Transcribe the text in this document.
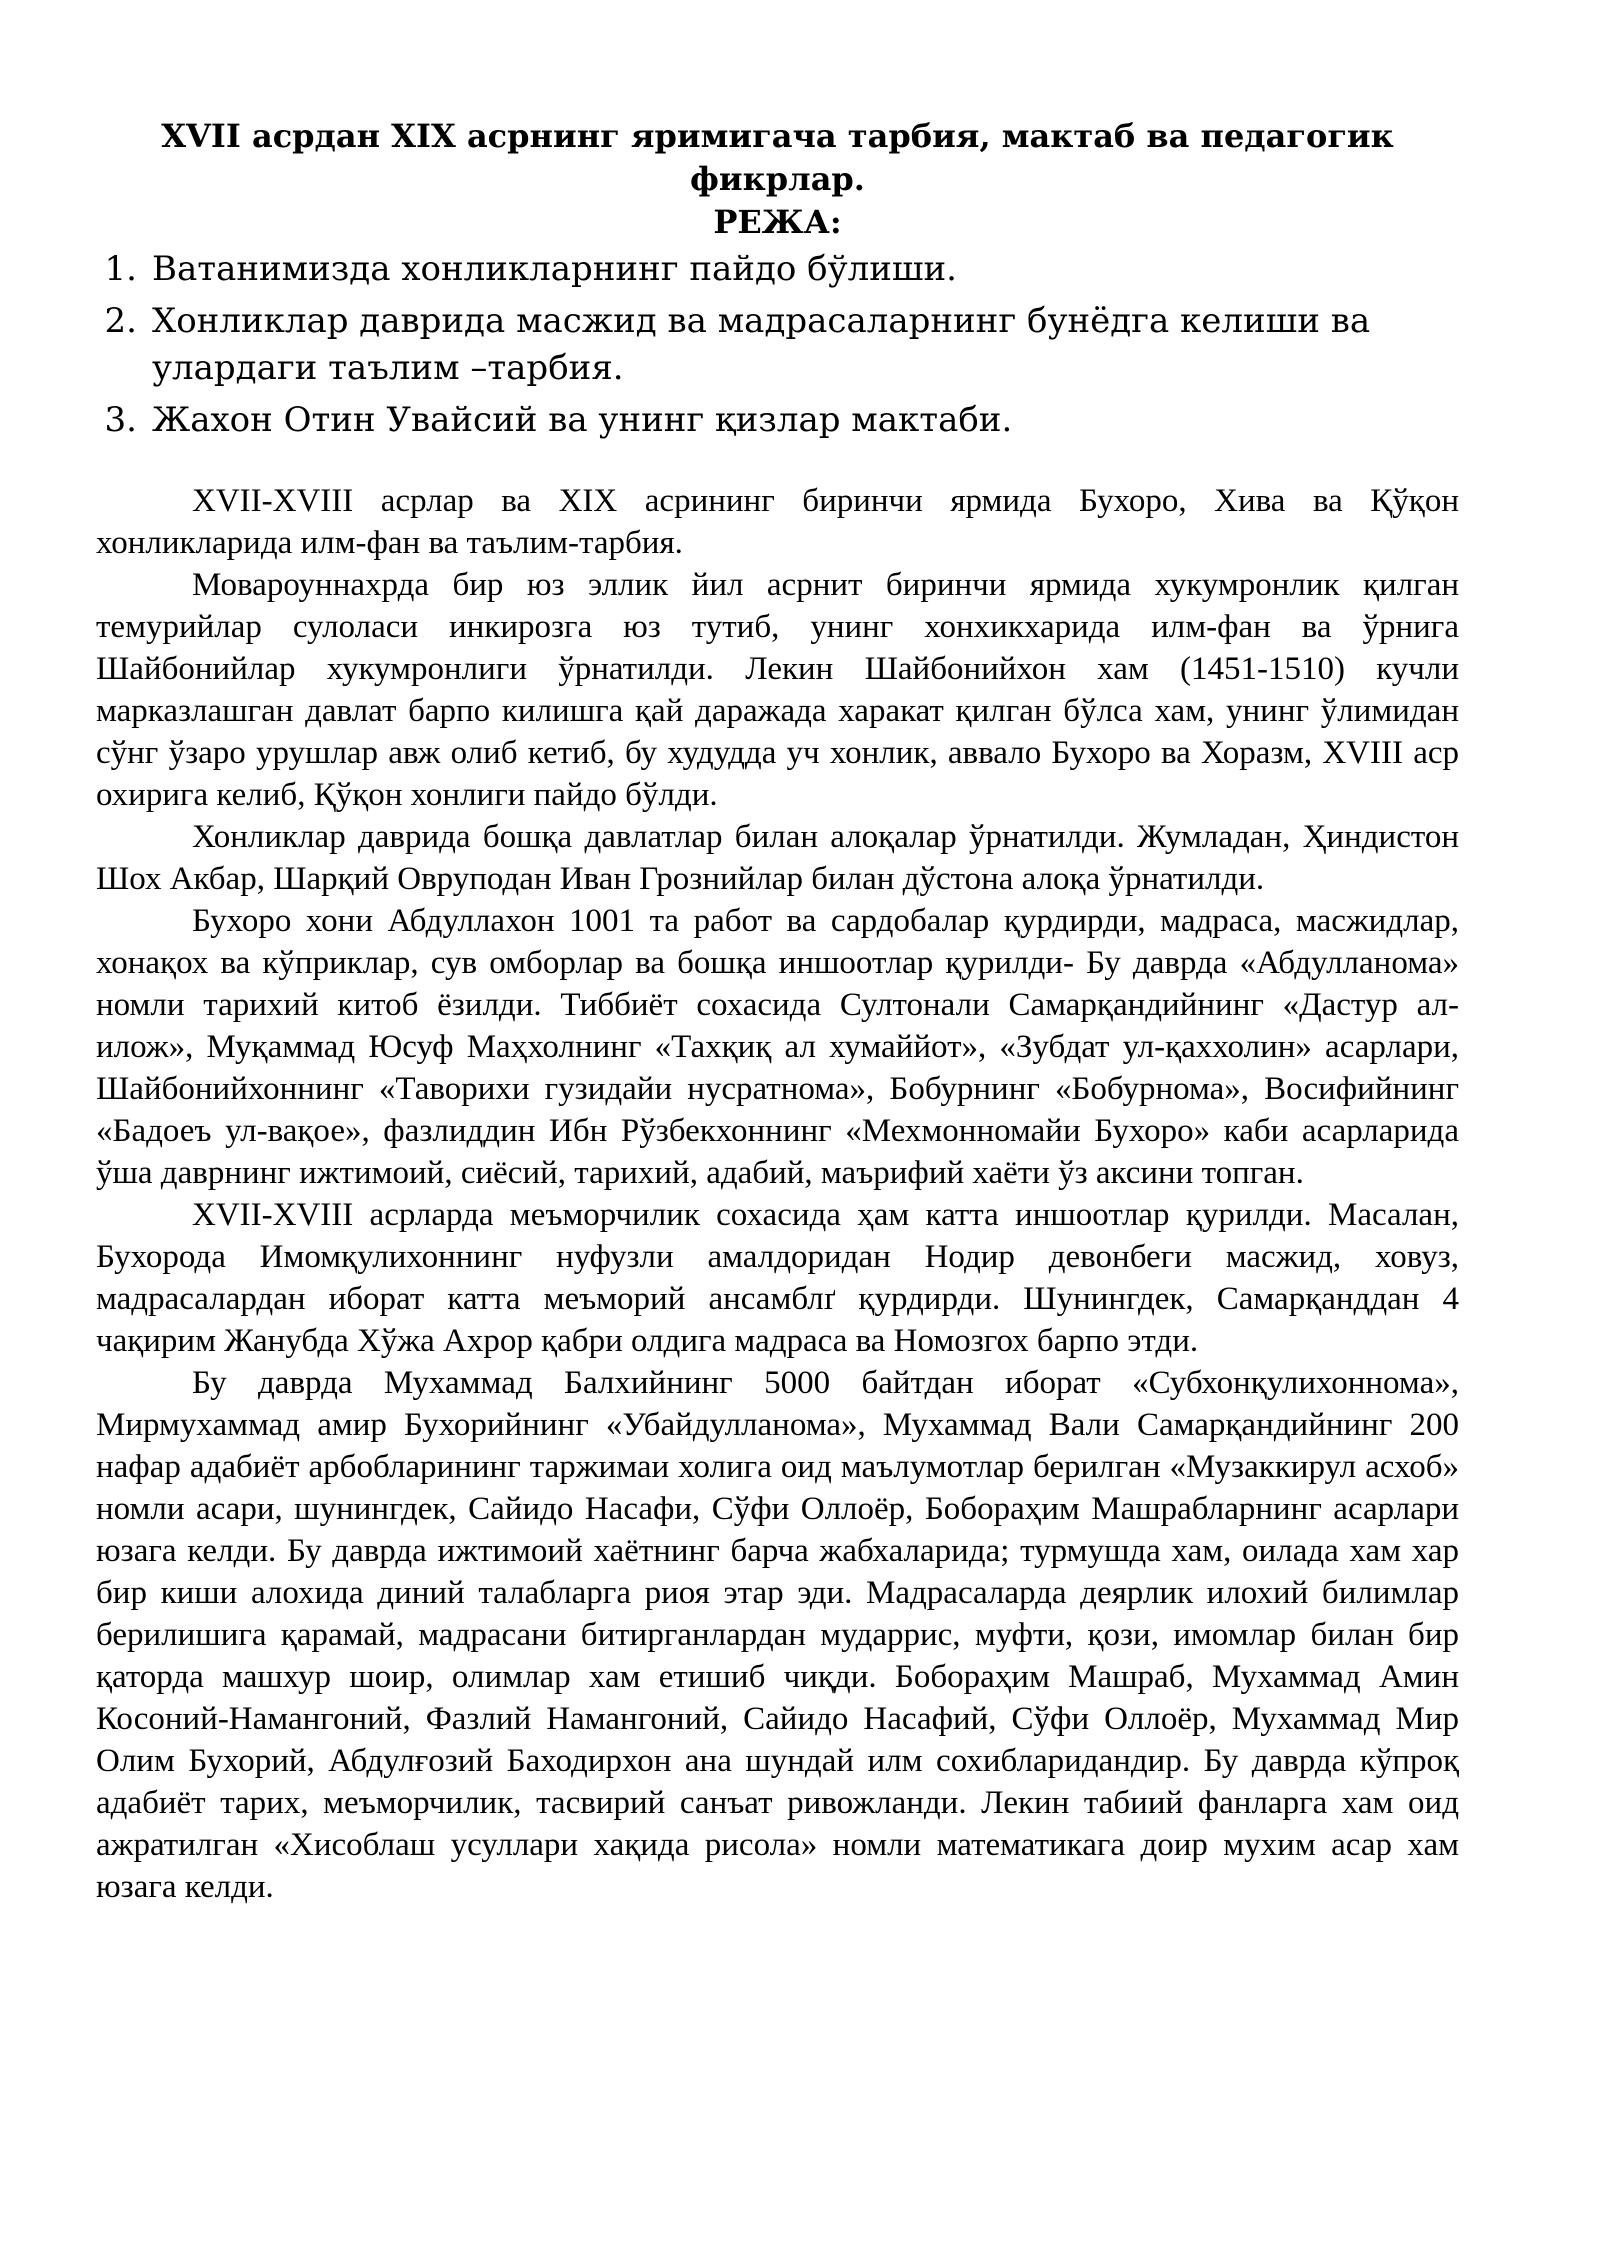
XVII асрдан XIX асрнинг яримигача тарбия, мактаб ва педагогик фикрлар.
РЕЖА:
1. Ватанимизда хонликларнинг пайдо бўлиши.
2. Хонликлар даврида масжид ва мадрасаларнинг бунёдга келиши ва улардаги таълим –тарбия.
3. Жахон Отин Увайсий ва унинг қизлар мактаби.

XVII-XVIII асрлар ва XIX асрининг биринчи ярмида Бухоро, Хива ва Қўқон хонликларида илм-фан ва таълим-тарбия.

Мовароуннахрда бир юз эллик йил асрнит биринчи ярмида хукумронлик қилган темурийлар сулоласи инкирозга юз тутиб, унинг хонхикхарида илм-фан ва ўрнига Шайбонийлар хукумронлиги ўрнатилди. Лекин Шайбонийхон хам (1451-1510) кучли марказлашган давлат барпо килишга қай даражада харакат қилган бўлса хам, унинг ўлимидан сўнг ўзаро урушлар авж олиб кетиб, бу худудда уч хонлик, аввало Бухоро ва Хоразм, XVIII аср охирига келиб, Қўқон хонлиги пайдо бўлди.

Хонликлар даврида бошқа давлатлар билан алоқалар ўрнатилди. Жумладан, Ҳиндистон Шох Акбар, Шарқий Овруподан Иван Грознийлар билан дўстона алоқа ўрнатилди.

Бухоро хони Абдуллахон 1001 та работ ва сардобалар қурдирди, мадраса, масжидлар, хонақох ва кўприклар, сув омборлар ва бошқа иншоотлар қурилди- Бу даврда «Абдулланома» номли тарихий китоб ёзилди. Тиббиёт сохасида Султонали Самарқандийнинг «Дастур ал-илож», Муқаммад Юсуф Маҳхолнинг «Тахқиқ ал хумаййот», «Зубдат ул-қаххолин» асарлари, Шайбонийхоннинг «Таворихи гузидайи нусратнома», Бобурнинг «Бобурнома», Восифийнинг «Бадоеъ ул-вақое», фазлиддин Ибн Рўзбекхоннинг «Мехмонномайи Бухоро» каби асарларида ўша даврнинг ижтимоий, сиёсий, тарихий, адабий, маърифий хаёти ўз аксини топган.

XVII-XVIII асрларда меъморчилик сохасида ҳам катта иншоотлар қурилди. Масалан, Бухорода Имомқулихоннинг нуфузли амалдоридан Нодир девонбеги масжид, ховуз, мадрасалардан иборат катта меъморий ансамблґ қурдирди. Шунингдек, Самарқанддан 4 чақирим Жанубда Хўжа Ахрор қабри олдига мадраса ва Номозгох барпо этди.

Бу даврда Мухаммад Балхийнинг 5000 байтдан иборат «Субхонқулихоннома», Мирмухаммад амир Бухорийнинг «Убайдулланома», Мухаммад Вали Самарқандийнинг 200 нафар адабиёт арбобларининг таржимаи холига оид маълумотлар берилган «Музаккирул асхоб» номли асари, шунингдек, Сайидо Насафи, Сўфи Оллоёр, Бобораҳим Машрабларнинг асарлари юзага келди. Бу даврда ижтимоий хаётнинг барча жабхаларида; турмушда хам, оилада хам хар бир киши алохида диний талабларга риоя этар эди. Мадрасаларда деярлик илохий билимлар берилишига қарамай, мадрасани битирганлардан мударрис, муфти, қози, имомлар билан бир қаторда машхур шоир, олимлар хам етишиб чиқди. Бобораҳим Машраб, Мухаммад Амин Косоний-Намангоний, Фазлий Намангоний, Сайидо Насафий, Сўфи Оллоёр, Мухаммад Мир Олим Бухорий, Абдулғозий Баходирхон ана шундай илм сохибларидандир. Бу даврда кўпроқ адабиёт тарих, меъморчилик, тасвирий санъат ривожланди. Лекин табиий фанларга хам оид ажратилган «Хисоблаш усуллари хақида рисола» номли математикага доир мухим асар хам юзага келди.
